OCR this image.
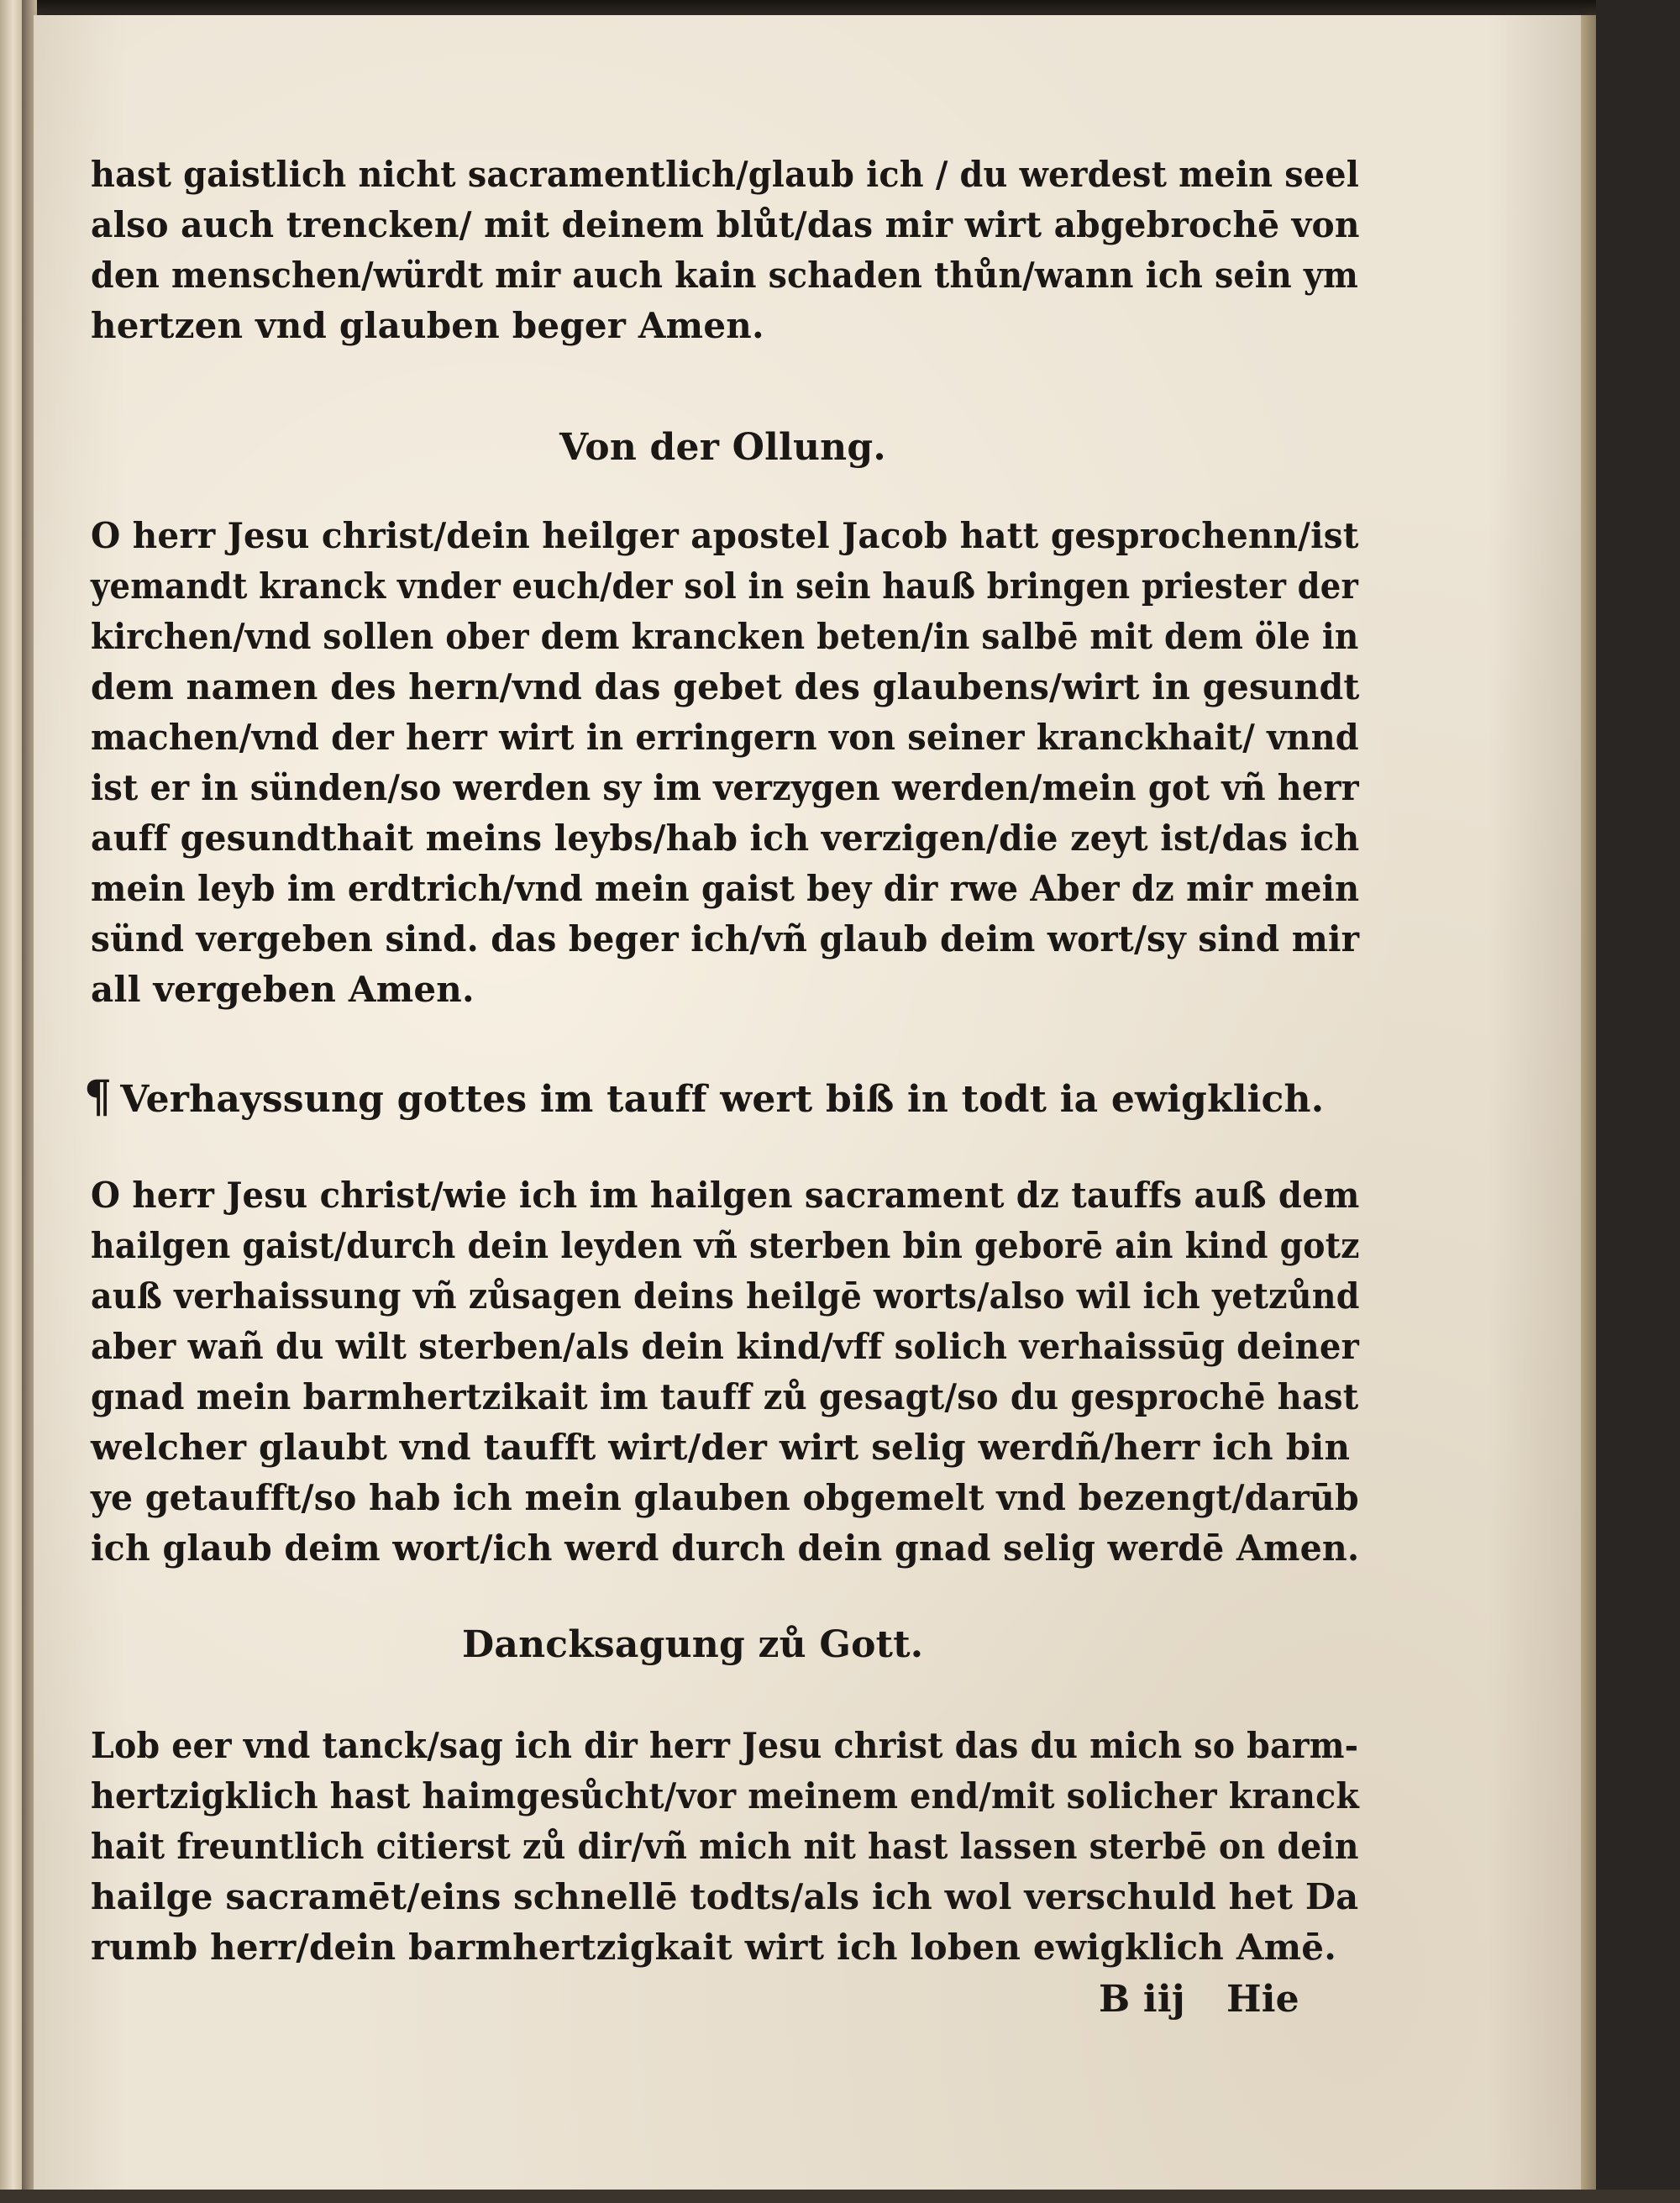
hast gaistlich nicht sacramentlich/glaub ich / du werdest mein seel
also auch trencken/ mit deinem blůt/das mir wirt abgebrochē von
den menschen/würdt mir auch kain schaden thůn/wann ich sein ym
hertzen vnd glauben beger Amen.
Von der Ollung.
O herr Jesu christ/dein heilger apostel Jacob hatt gesprochenn/ist
yemandt kranck vnder euch/der sol in sein hauß bringen priester der
kirchen/vnd sollen ober dem krancken beten/in salbē mit dem öle in
dem namen des hern/vnd das gebet des glaubens/wirt in gesundt
machen/vnd der herr wirt in erringern von seiner kranckhait/ vnnd
ist er in sünden/so werden sy im verzygen werden/mein got vñ herr
auff gesundthait meins leybs/hab ich verzigen/die zeyt ist/das ich
mein leyb im erdtrich/vnd mein gaist bey dir rwe Aber dz mir mein
sünd vergeben sind. das beger ich/vñ glaub deim wort/sy sind mir
all vergeben Amen.
¶ Verhayssung gottes im tauff wert biß in todt ia ewigklich.
O herr Jesu christ/wie ich im hailgen sacrament dz tauffs auß dem
hailgen gaist/durch dein leyden vñ sterben bin geborē ain kind gotz
auß verhaissung vñ zůsagen deins heilgē worts/also wil ich yetzůnd
aber wañ du wilt sterben/als dein kind/vff solich verhaissūg deiner
gnad mein barmhertzikait im tauff zů gesagt/so du gesprochē hast
welcher glaubt vnd taufft wirt/der wirt selig werdñ/herr ich bin
ye getaufft/so hab ich mein glauben obgemelt vnd bezengt/darūb
ich glaub deim wort/ich werd durch dein gnad selig werdē Amen.
Dancksagung zů Gott.
Lob eer vnd tanck/sag ich dir herr Jesu christ das du mich so barm-
hertzigklich hast haimgesůcht/vor meinem end/mit solicher kranck
hait freuntlich citierst zů dir/vñ mich nit hast lassen sterbē on dein
hailge sacramēt/eins schnellē todts/als ich wol verschuld het Da
rumb herr/dein barmhertzigkait wirt ich loben ewigklich Amē.
B iij Hie
